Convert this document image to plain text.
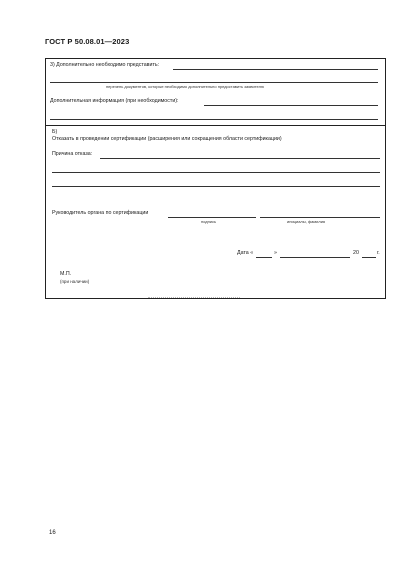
ГОСТ Р 50.08.01—2023
3) Дополнительно необходимо представить:
перечень документов, которые необходимо дополнительно предоставить заявителю
Дополнительная информация (при необходимости):
Б)
Отказать в проведении сертификации (расширения или сокращения области сертификации)
Причина отказа:
Руководитель органа по сертификации
подпись	инициалы, фамилия
Дата «	»	20	г.
М.П.
(при наличии)
16
